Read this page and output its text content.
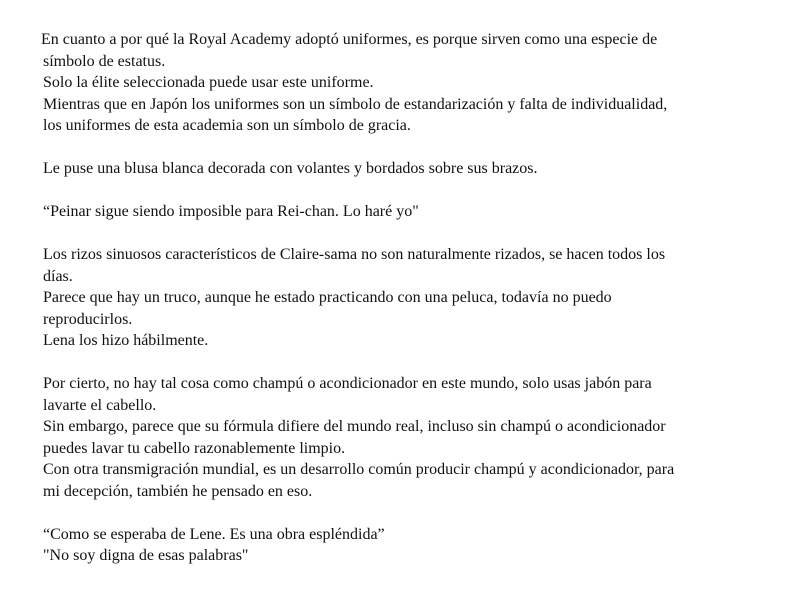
En cuanto a por qué la Royal Academy adoptó uniformes, es porque sirven como una especie de
símbolo de estatus.
Solo la élite seleccionada puede usar este uniforme.
Mientras que en Japón los uniformes son un símbolo de estandarización y falta de individualidad,
los uniformes de esta academia son un símbolo de gracia.
Le puse una blusa blanca decorada con volantes y bordados sobre sus brazos.
“Peinar sigue siendo imposible para Rei-chan. Lo haré yo"
Los rizos sinuosos característicos de Claire-sama no son naturalmente rizados, se hacen todos los
días.
Parece que hay un truco, aunque he estado practicando con una peluca, todavía no puedo
reproducirlos.
Lena los hizo hábilmente.
Por cierto, no hay tal cosa como champú o acondicionador en este mundo, solo usas jabón para
lavarte el cabello.
Sin embargo, parece que su fórmula difiere del mundo real, incluso sin champú o acondicionador
puedes lavar tu cabello razonablemente limpio.
Con otra transmigración mundial, es un desarrollo común producir champú y acondicionador, para
mi decepción, también he pensado en eso.
“Como se esperaba de Lene. Es una obra espléndida”
"No soy digna de esas palabras"
